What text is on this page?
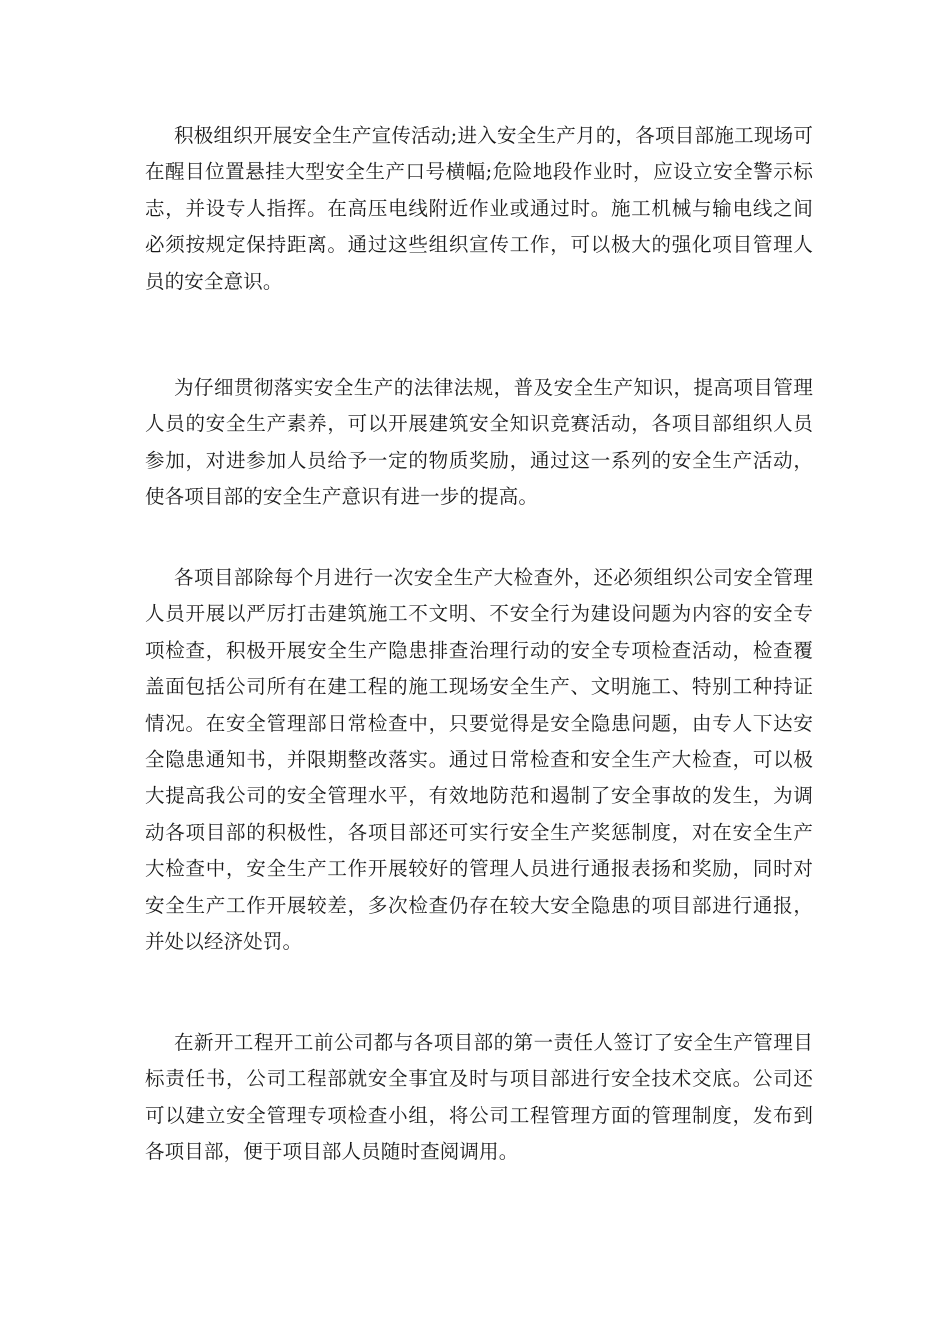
积极组织开展安全生产宣传活动;进入安全生产月的，各项目部施工现场可在醒目位置悬挂大型安全生产口号横幅;危险地段作业时，应设立安全警示标志，并设专人指挥。在高压电线附近作业或通过时。施工机械与输电线之间必须按规定保持距离。通过这些组织宣传工作，可以极大的强化项目管理人员的安全意识。

为仔细贯彻落实安全生产的法律法规，普及安全生产知识，提高项目管理人员的安全生产素养，可以开展建筑安全知识竞赛活动，各项目部组织人员参加，对进参加人员给予一定的物质奖励，通过这一系列的安全生产活动，使各项目部的安全生产意识有进一步的提高。

各项目部除每个月进行一次安全生产大检查外，还必须组织公司安全管理人员开展以严厉打击建筑施工不文明、不安全行为建设问题为内容的安全专项检查，积极开展安全生产隐患排查治理行动的安全专项检查活动，检查覆盖面包括公司所有在建工程的施工现场安全生产、文明施工、特别工种持证情况。在安全管理部日常检查中，只要觉得是安全隐患问题，由专人下达安全隐患通知书，并限期整改落实。通过日常检查和安全生产大检查，可以极大提高我公司的安全管理水平，有效地防范和遏制了安全事故的发生，为调动各项目部的积极性，各项目部还可实行安全生产奖惩制度，对在安全生产大检查中，安全生产工作开展较好的管理人员进行通报表扬和奖励，同时对安全生产工作开展较差，多次检查仍存在较大安全隐患的项目部进行通报，并处以经济处罚。

在新开工程开工前公司都与各项目部的第一责任人签订了安全生产管理目标责任书，公司工程部就安全事宜及时与项目部进行安全技术交底。公司还可以建立安全管理专项检查小组，将公司工程管理方面的管理制度，发布到各项目部，便于项目部人员随时查阅调用。
